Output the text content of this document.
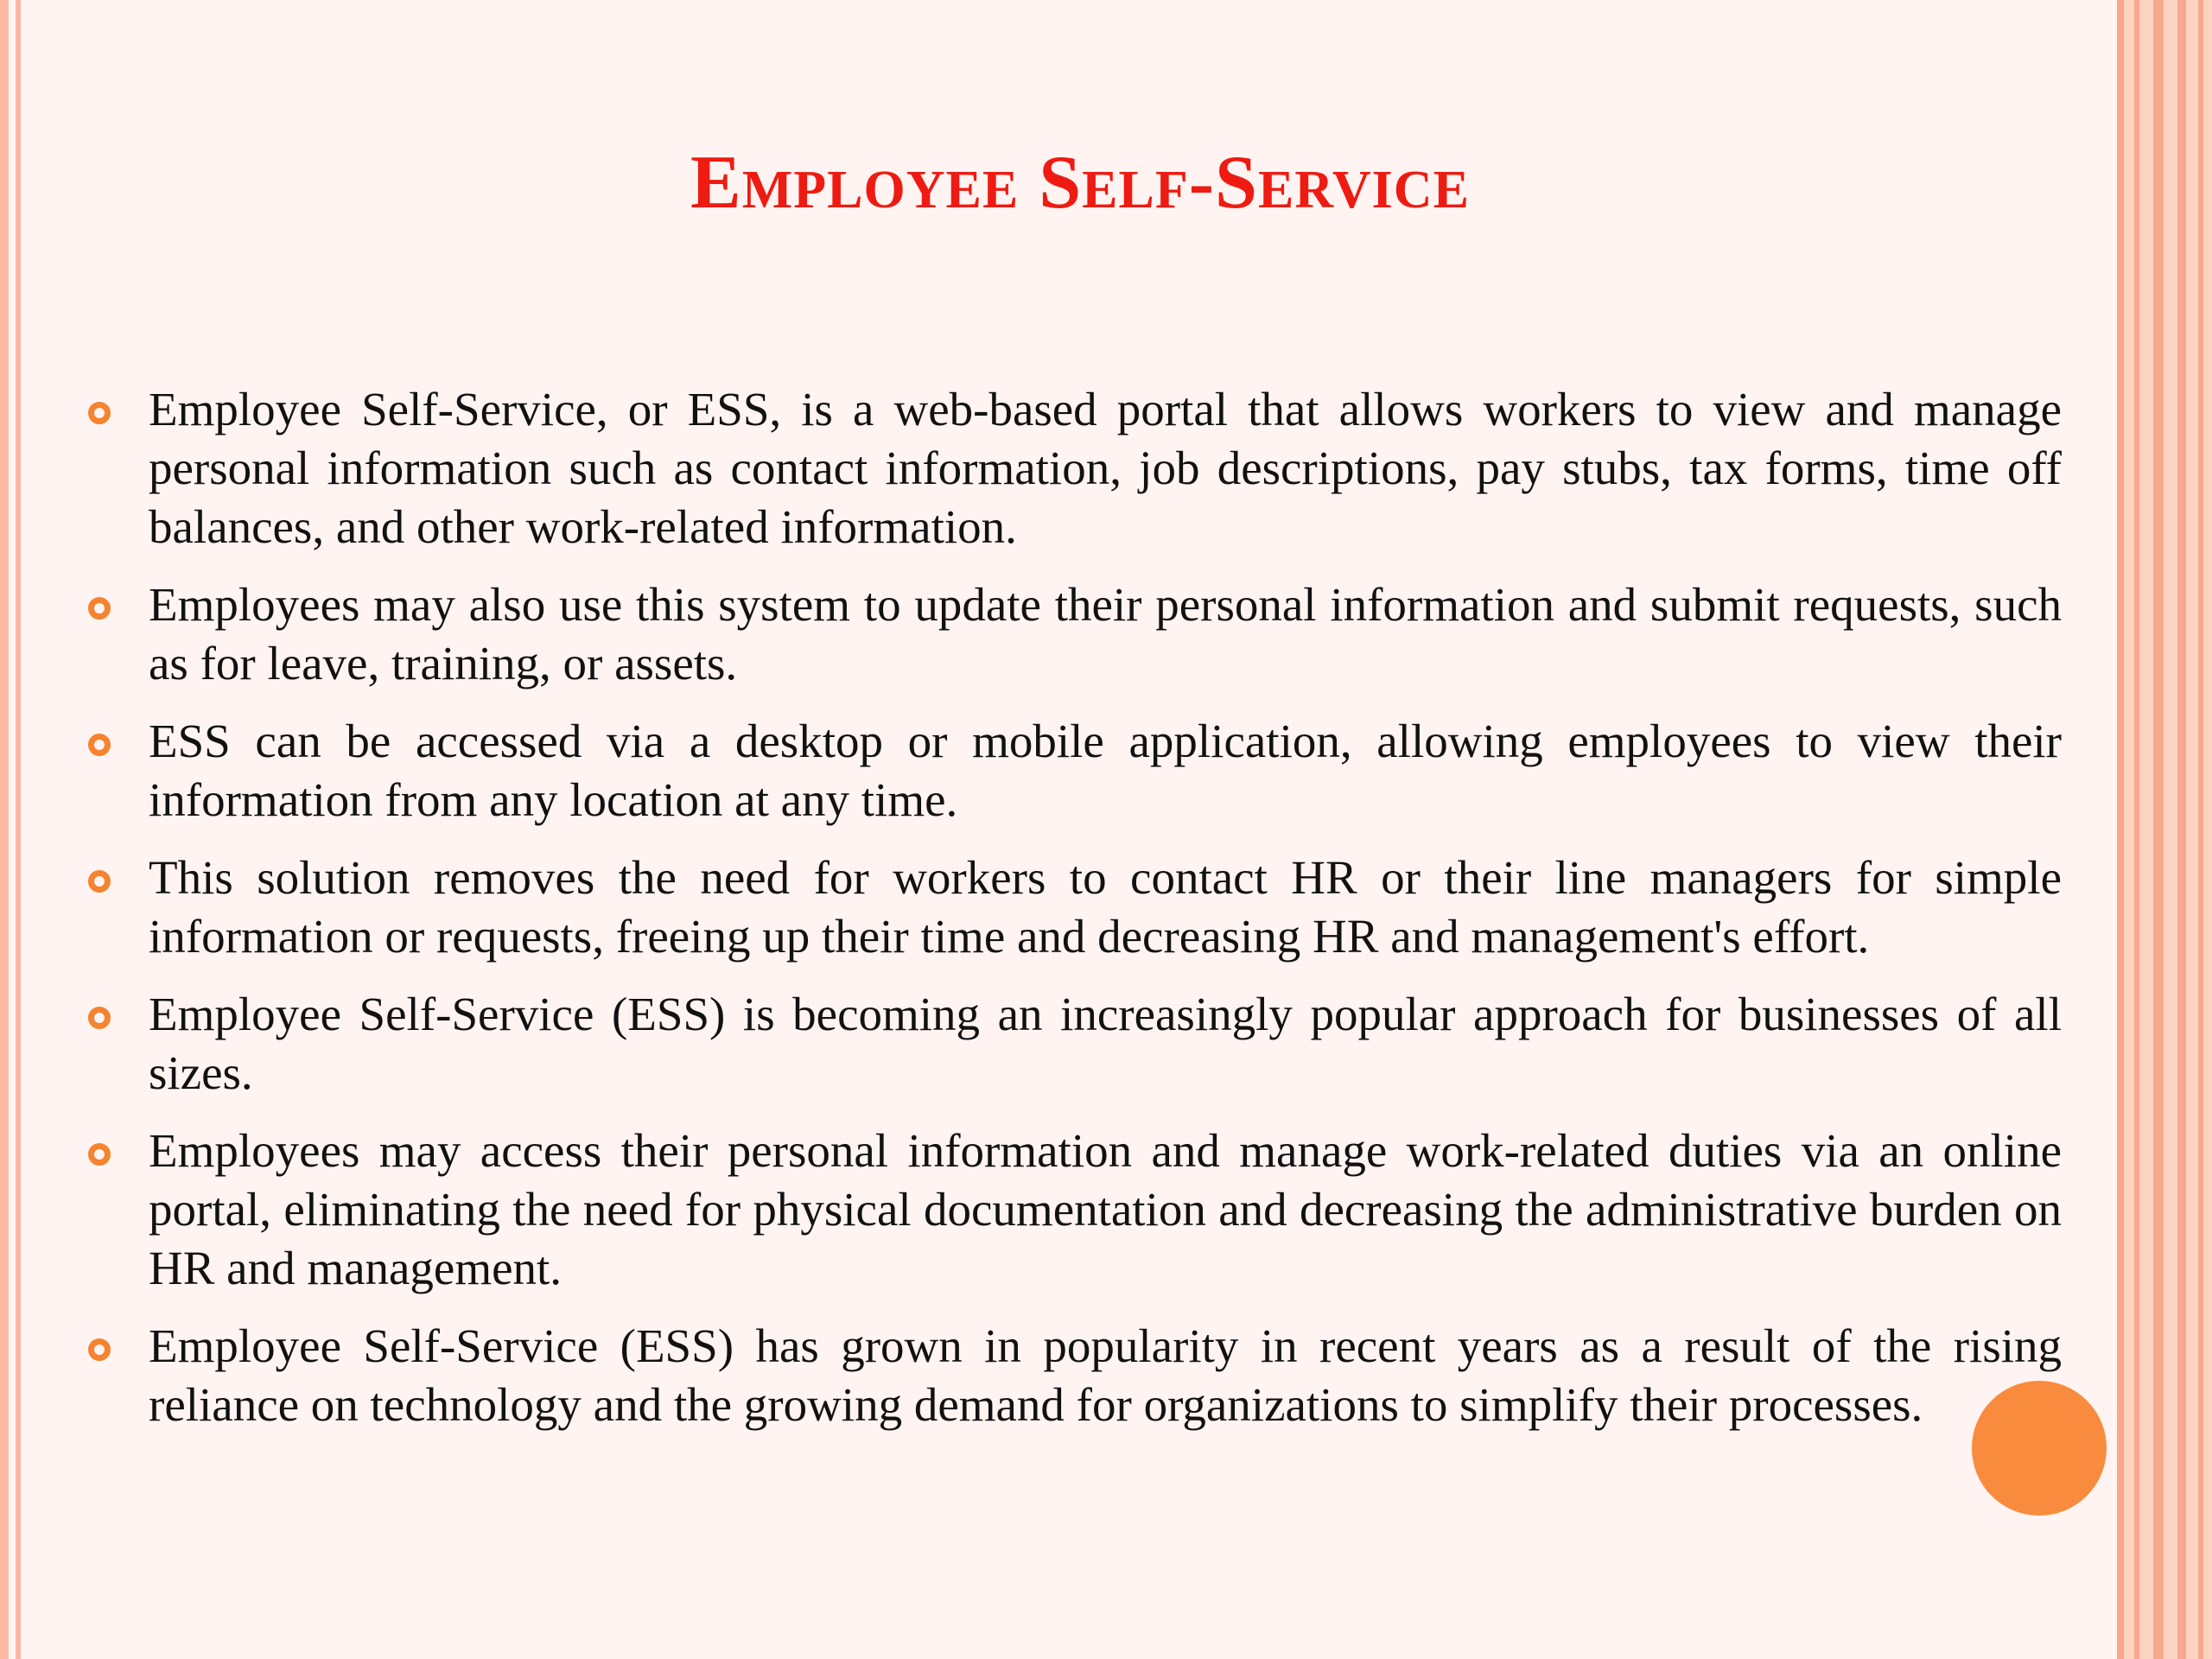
Employee Self-Service
Employee Self-Service, or ESS, is a web-based portal that allows workers to view and manage personal information such as contact information, job descriptions, pay stubs, tax forms, time off balances, and other work-related information.
Employees may also use this system to update their personal information and submit requests, such as for leave, training, or assets.
ESS can be accessed via a desktop or mobile application, allowing employees to view their information from any location at any time.
This solution removes the need for workers to contact HR or their line managers for simple information or requests, freeing up their time and decreasing HR and management's effort.
Employee Self-Service (ESS) is becoming an increasingly popular approach for businesses of all sizes.
Employees may access their personal information and manage work-related duties via an online portal, eliminating the need for physical documentation and decreasing the administrative burden on HR and management.
Employee Self-Service (ESS) has grown in popularity in recent years as a result of the rising reliance on technology and the growing demand for organizations to simplify their processes.
